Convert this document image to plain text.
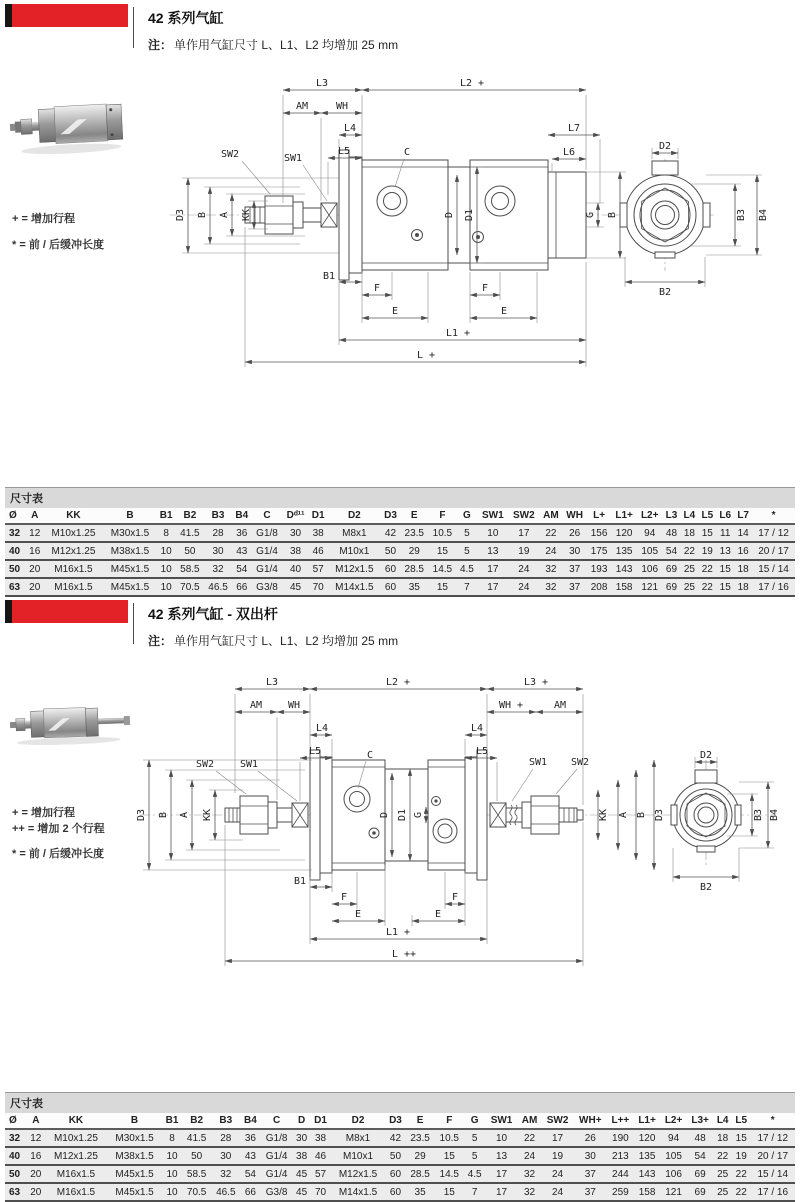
42 系列气缸
注： 单作用气缸尺寸 L、L1、L2 均增加 25 mm
+ = 增加行程
* = 前 / 后缓冲长度
L3	L2 +
AM	WH
L4
L5
L7
L6
SW2	SW1
C
D3 B A KK	D D1	G B
B1
F
E
F
E
L1 +
L +
D2
B3 B4
B2
尺寸表
Ø	A	KK	B	B1	B2	B3	B4	C	Dᵈ¹¹	D1	D2	D3	E	F	G	SW1	SW2	AM	WH	L+	L1+	L2+	L3	L4	L5	L6	L7	*
32	12	M10x1.25	M30x1.5	8	41.5	28	36	G1/8	30	38	M8x1	42	23.5	10.5	5	10	17	22	26	156	120	94	48	18	15	11	14	17 / 12
40	16	M12x1.25	M38x1.5	10	50	30	43	G1/4	38	46	M10x1	50	29	15	5	13	19	24	30	175	135	105	54	22	19	13	16	20 / 17
50	20	M16x1.5	M45x1.5	10	58.5	32	54	G1/4	40	57	M12x1.5	60	28.5	14.5	4.5	17	24	32	37	193	143	106	69	25	22	15	18	15 / 14
63	20	M16x1.5	M45x1.5	10	70.5	46.5	66	G3/8	45	70	M14x1.5	60	35	15	7	17	24	32	37	208	158	121	69	25	22	15	18	17 / 16
42 系列气缸 - 双出杆
注： 单作用气缸尺寸 L、L1、L2 均增加 25 mm
+ = 增加行程
++ = 增加 2 个行程
* = 前 / 后缓冲长度
L3	L2 +	L3 +
AM	WH	WH +	AM
L4
L5
L4
L5
C
SW2	SW1	SW1 SW2
D3 B A KK	D D1 G	KK A B D3
B1
F
E
F
E
L1 +
L ++
D2
B3 B4
B2
尺寸表
Ø	A	KK	B	B1	B2	B3	B4	C	D	D1	D2	D3	E	F	G	SW1	AM	SW2	WH+	L++	L1+	L2+	L3+	L4	L5	*
32	12	M10x1.25	M30x1.5	8	41.5	28	36	G1/8	30	38	M8x1	42	23.5	10.5	5	10	22	17	26	190	120	94	48	18	15	17 / 12
40	16	M12x1.25	M38x1.5	10	50	30	43	G1/4	38	46	M10x1	50	29	15	5	13	24	19	30	213	135	105	54	22	19	20 / 17
50	20	M16x1.5	M45x1.5	10	58.5	32	54	G1/4	45	57	M12x1.5	60	28.5	14.5	4.5	17	32	24	37	244	143	106	69	25	22	15 / 14
63	20	M16x1.5	M45x1.5	10	70.5	46.5	66	G3/8	45	70	M14x1.5	60	35	15	7	17	32	24	37	259	158	121	69	25	22	17 / 16
